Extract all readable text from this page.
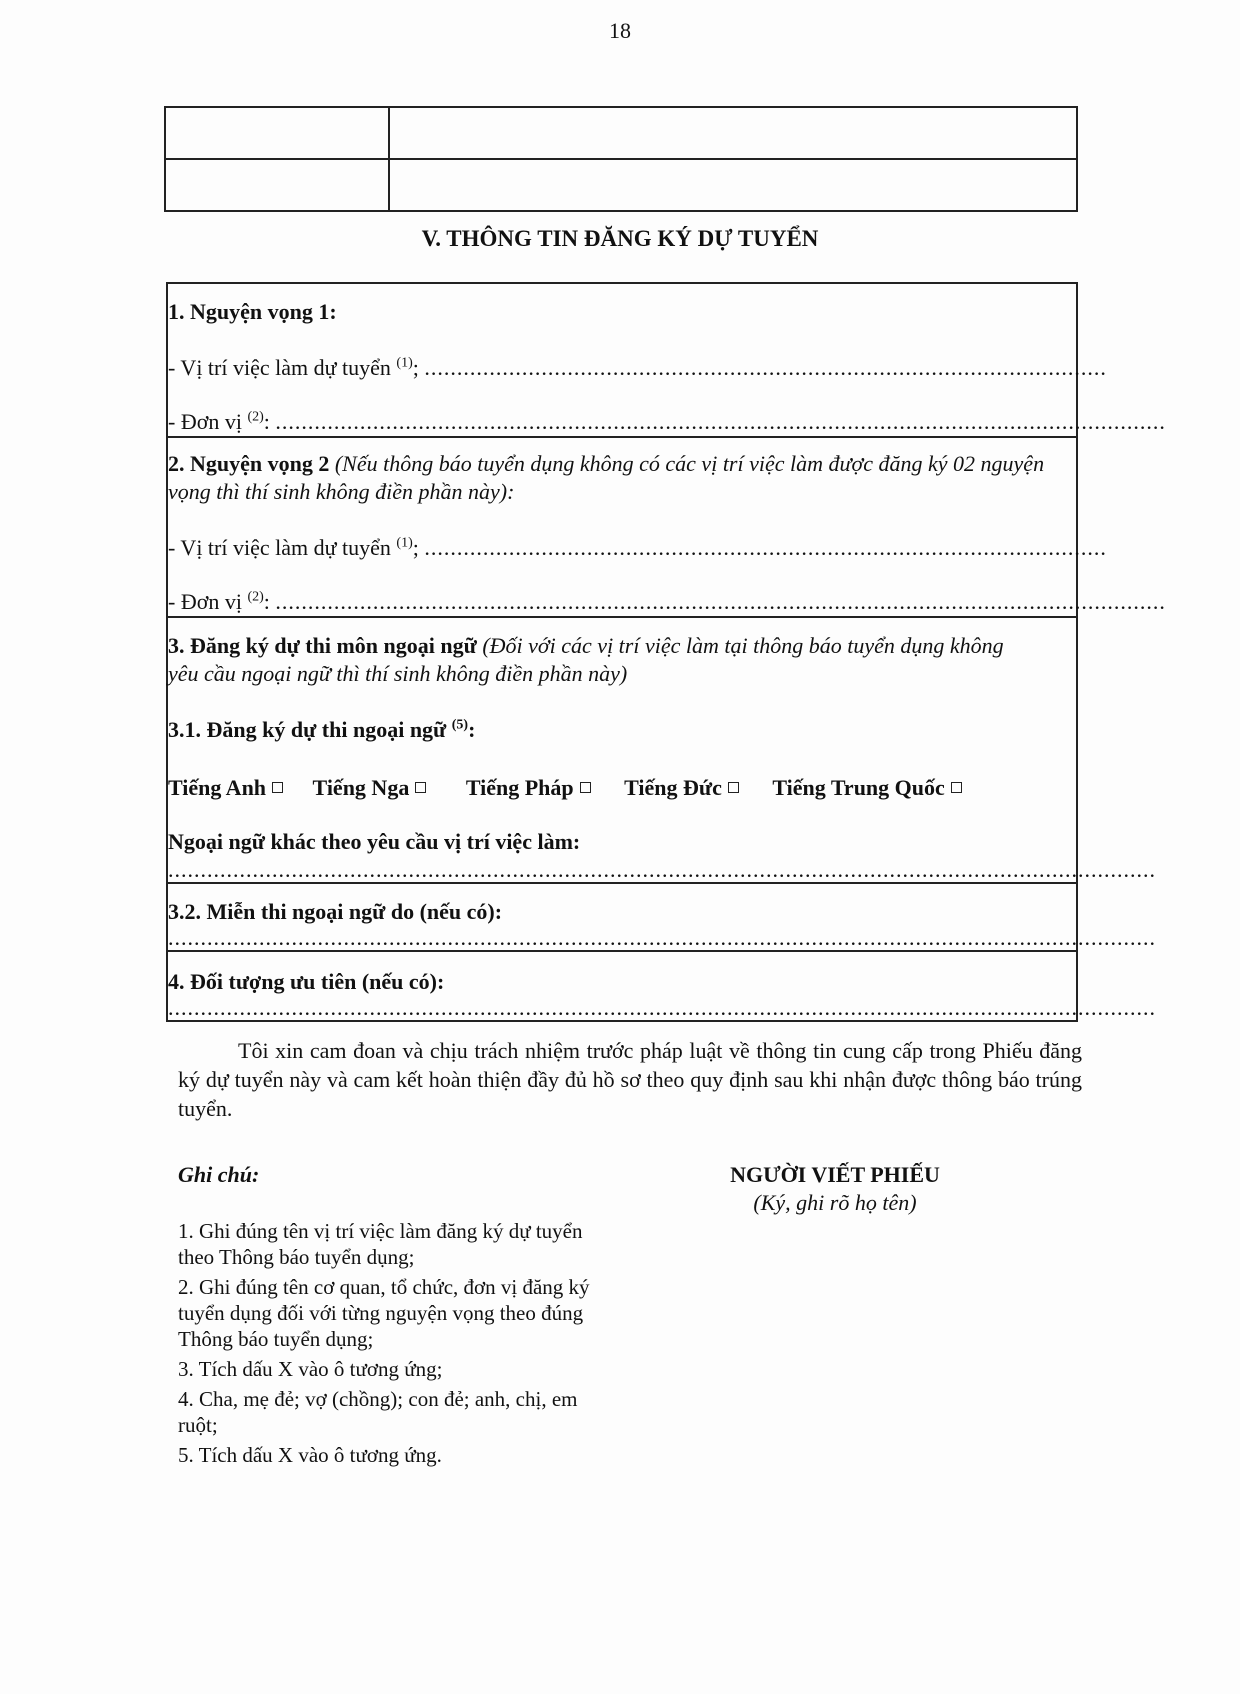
18

V. THÔNG TIN ĐĂNG KÝ DỰ TUYỂN
1. Nguyện vọng 1:
- Vị trí việc làm dự tuyển $^{(1)}$; .........................................................................................................
- Đơn vị $^{(2)}$: .........................................................................................................................................
2. Nguyện vọng 2 (Nếu thông báo tuyển dụng không có các vị trí việc làm được đăng ký 02 nguyện vọng thì thí sinh không điền phần này):
- Vị trí việc làm dự tuyển $^{(1)}$; .........................................................................................................
- Đơn vị $^{(2)}$: .........................................................................................................................................
3. Đăng ký dự thi môn ngoại ngữ (Đối với các vị trí việc làm tại thông báo tuyển dụng không yêu cầu ngoại ngữ thì thí sinh không điền phần này)
3.1. Đăng ký dự thi ngoại ngữ $^{(5)}$:
Tiếng Anh Tiếng Nga	Tiếng Pháp Tiếng Đức Tiếng Trung Quốc
Ngoại ngữ khác theo yêu cầu vị trí việc làm:
........................................................................................................................................................
3.2. Miễn thi ngoại ngữ do (nếu có):
........................................................................................................................................................
4. Đối tượng ưu tiên (nếu có):
........................................................................................................................................................
Tôi xin cam đoan và chịu trách nhiệm trước pháp luật về thông tin cung cấp trong Phiếu đăng ký dự tuyển này và cam kết hoàn thiện đầy đủ hồ sơ theo quy định sau khi nhận được thông báo trúng tuyển.
Ghi chú:
1. Ghi đúng tên vị trí việc làm đăng ký dự tuyển theo Thông báo tuyển dụng;
2. Ghi đúng tên cơ quan, tổ chức, đơn vị đăng ký tuyển dụng đối với từng nguyện vọng theo đúng Thông báo tuyển dụng;
3. Tích dấu X vào ô tương ứng;
4. Cha, mẹ đẻ; vợ (chồng); con đẻ; anh, chị, em ruột;
5. Tích dấu X vào ô tương ứng.
NGƯỜI VIẾT PHIẾU
(Ký, ghi rõ họ tên)
